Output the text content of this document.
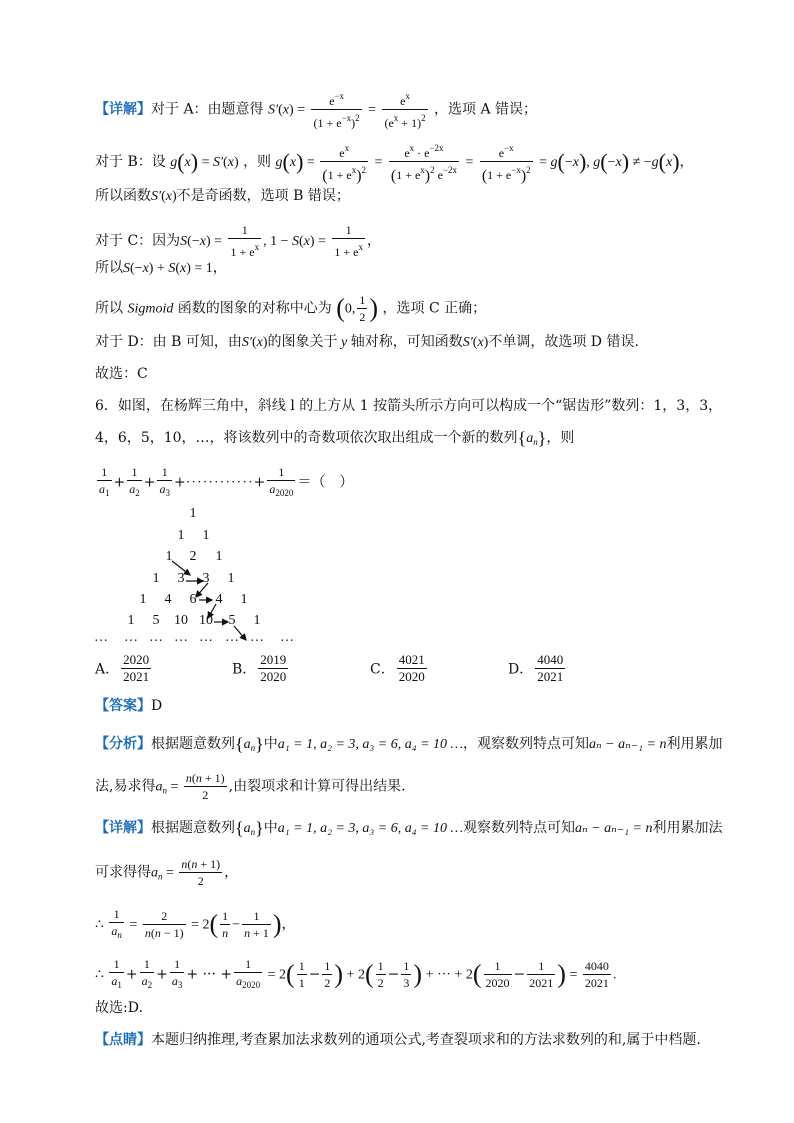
【详解】对于 A：由题意得 $S'(x) = \frac{e^{-x}}{(1 + e^{-x})^2} = \frac{e^x}{(e^x + 1)^2}$ ，选项 A 错误；
对于 B：设 g(x) = S′(x) ，则 $g(x) = \frac{e^x}{(1 + e^x)^2} = \frac{e^x \cdot e^{-2x}}{(1 + e^x)^2 e^{-2x}} = \frac{e^{-x}}{(1 + e^{-x})^2} = g(-x)$, g(−x) ≠ −g(x)，
所以函数S′(x)不是奇函数，选项 B 错误；
对于 C：因为$S(-x) = \frac{1}{1 + e^x}$ , $1 - S(x) = \frac{1}{1 + e^x}$ ，
所以S(−x) + S(x) = 1，
所以 Sigmoid 函数的图象的对称中心为 (0, $\frac{1}{2}$ ) ，选项 C 正确；
对于 D：由 B 可知，由S′(x)的图象关于 y 轴对称，可知函数S′(x)不单调，故选项 D 错误.
故选：C
6．如图，在杨辉三角中，斜线 l 的上方从 1 按箭头所示方向可以构成一个“锯齿形”数列：1，3，3，
4，6，5，10，…，将该数列中的奇数项依次取出组成一个新的数列$\{a_n\}$，则
$\frac{1}{a_1} + \frac{1}{a_2} + \frac{1}{a_3}$ +············+ $\frac{1}{a_{2020}}$ ＝（　）
1
1 1
1 2 1
1 3 3 1
1 4 6 4 1
1 5 10 10 5 1
… … … … … … … …
A． $\frac{2020}{2021}$	B． $\frac{2019}{2020}$	C． $\frac{4021}{2020}$	D． $\frac{4040}{2021}$
【答案】D
【分析】根据题意数列$\{a_n\}$中a₁ = 1, a₂ = 3, a₃ = 6, a₄ = 10 …，观察数列特点可知aₙ − aₙ₋₁ = n利用累加
法,易求得$a_n = \frac{n(n + 1)}{2}$ ,由裂项求和计算可得出结果.
【详解】根据题意数列$\{a_n\}$中a₁ = 1, a₂ = 3, a₃ = 6, a₄ = 10 …观察数列特点可知aₙ − aₙ₋₁ = n利用累加法
可求得得$a_n = \frac{n(n + 1)}{2}$ ，
∴ $\frac{1}{a_n} = \frac{2}{n(n - 1)} = 2( \frac{1}{n} - \frac{1}{n + 1}$ )，
∴ $\frac{1}{a_1} + \frac{1}{a_2} + \frac{1}{a_3}$ + ··· + $\frac{1}{a_{2020}} = 2( \frac{1}{1} - \frac{1}{2}$ ) + $2( \frac{1}{2} - \frac{1}{3}$ ) + ··· + $2( \frac{1}{2020} - \frac{1}{2021}$ ) = $\frac{4040}{2021}$ .
故选:D.
【点睛】本题归纳推理,考查累加法求数列的通项公式,考查裂项求和的方法求数列的和,属于中档题.
